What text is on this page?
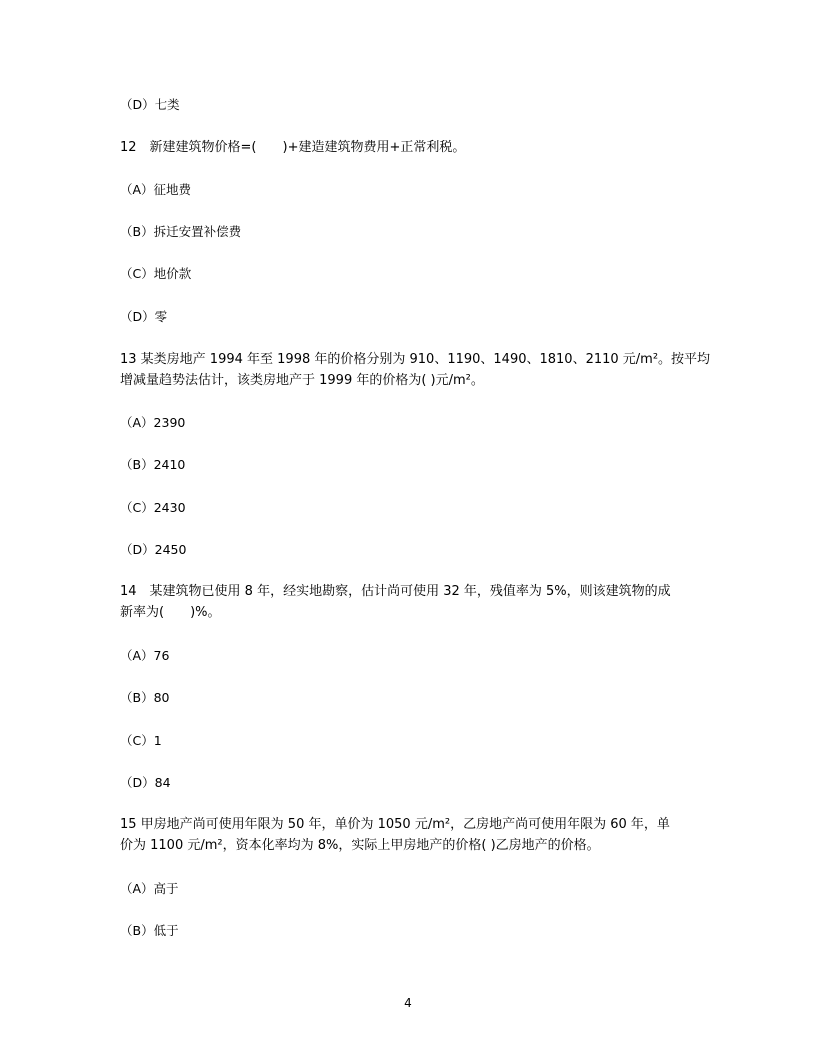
（D）七类
12　新建建筑物价格=(　　)+建造建筑物费用+正常利税。
（A）征地费
（B）拆迁安置补偿费
（C）地价款
（D）零
13 某类房地产 1994 年至 1998 年的价格分别为 910、1190、1490、1810、2110 元/m²。按平均
增减量趋势法估计，该类房地产于 1999 年的价格为( )元/m²。
（A）2390
（B）2410
（C）2430
（D）2450
14　某建筑物已使用 8 年，经实地勘察，估计尚可使用 32 年，残值率为 5%，则该建筑物的成
新率为(　　)%。
（A）76
（B）80
（C）1
（D）84
15 甲房地产尚可使用年限为 50 年，单价为 1050 元/m²，乙房地产尚可使用年限为 60 年，单
价为 1100 元/m²，资本化率均为 8%，实际上甲房地产的价格( )乙房地产的价格。
（A）高于
（B）低于
4
